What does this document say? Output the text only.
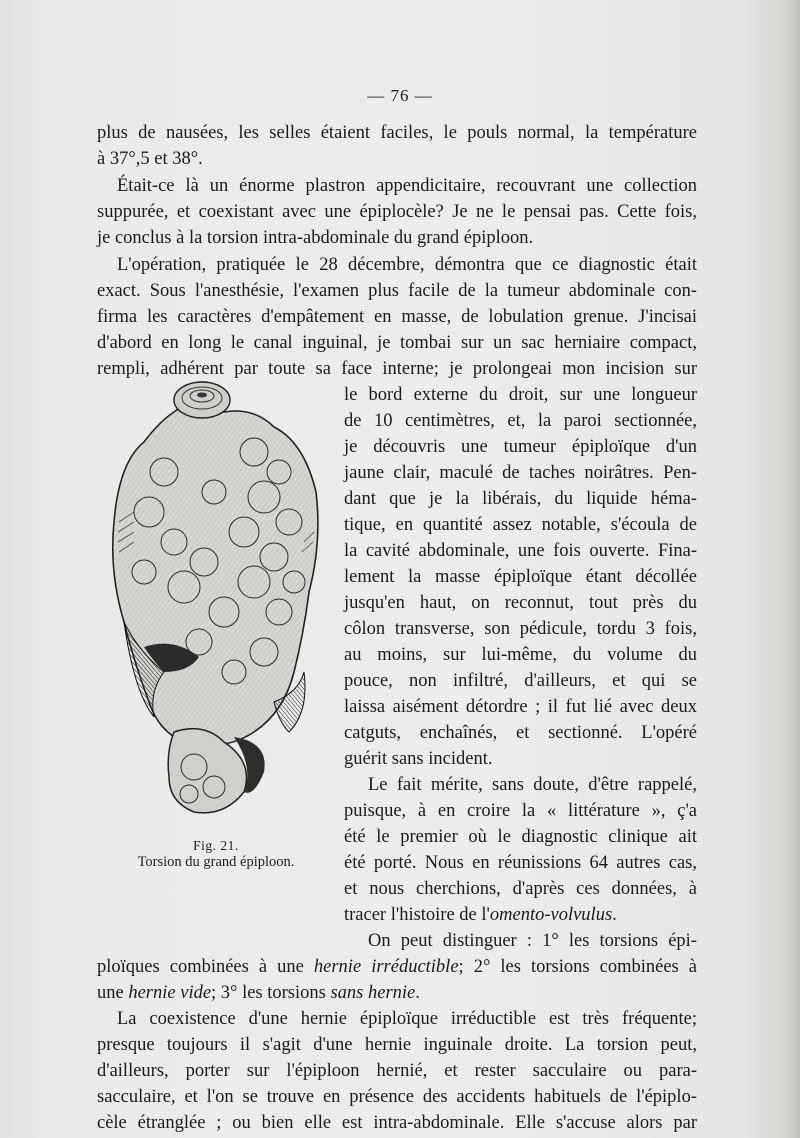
— 76 —
plus de nausées, les selles étaient faciles, le pouls normal, la température
à 37°,5 et 38°.
Était-ce là un énorme plastron appendicitaire, recouvrant une collection
suppurée, et coexistant avec une épiplocèle? Je ne le pensai pas. Cette fois,
je conclus à la torsion intra-abdominale du grand épiploon.
L'opération, pratiquée le 28 décembre, démontra que ce diagnostic était
exact. Sous l'anesthésie, l'examen plus facile de la tumeur abdominale con-
firma les caractères d'empâtement en masse, de lobulation grenue. J'incisai
d'abord en long le canal inguinal, je tombai sur un sac herniaire compact,
rempli, adhérent par toute sa face interne; je prolongeai mon incision sur
le bord externe du droit, sur une longueur
de 10 centimètres, et, la paroi sectionnée,
je découvris une tumeur épiploïque d'un
jaune clair, maculé de taches noirâtres. Pen-
dant que je la libérais, du liquide héma-
tique, en quantité assez notable, s'écoula de
la cavité abdominale, une fois ouverte. Fina-
lement la masse épiploïque étant décollée
jusqu'en haut, on reconnut, tout près du
côlon transverse, son pédicule, tordu 3 fois,
au moins, sur lui-même, du volume du
pouce, non infiltré, d'ailleurs, et qui se
laissa aisément détordre ; il fut lié avec deux
catguts, enchaînés, et sectionné. L'opéré
guérit sans incident.
Le fait mérite, sans doute, d'être rappelé,
puisque, à en croire la « littérature », ç'a
été le premier où le diagnostic clinique ait
été porté. Nous en réunissions 64 autres cas,
et nous cherchions, d'après ces données, à
tracer l'histoire de l'omento-volvulus.
On peut distinguer : 1° les torsions épi-
ploïques combinées à une hernie irréductible; 2° les torsions combinées à
une hernie vide; 3° les torsions sans hernie.
La coexistence d'une hernie épiploïque irréductible est très fréquente;
presque toujours il s'agit d'une hernie inguinale droite. La torsion peut,
d'ailleurs, porter sur l'épiploon hernié, et rester sacculaire ou para-
sacculaire, et l'on se trouve en présence des accidents habituels de l'épiplo-
cèle étranglée ; ou bien elle est intra-abdominale. Elle s'accuse alors par
Fig. 21.
Torsion du grand épiploon.
